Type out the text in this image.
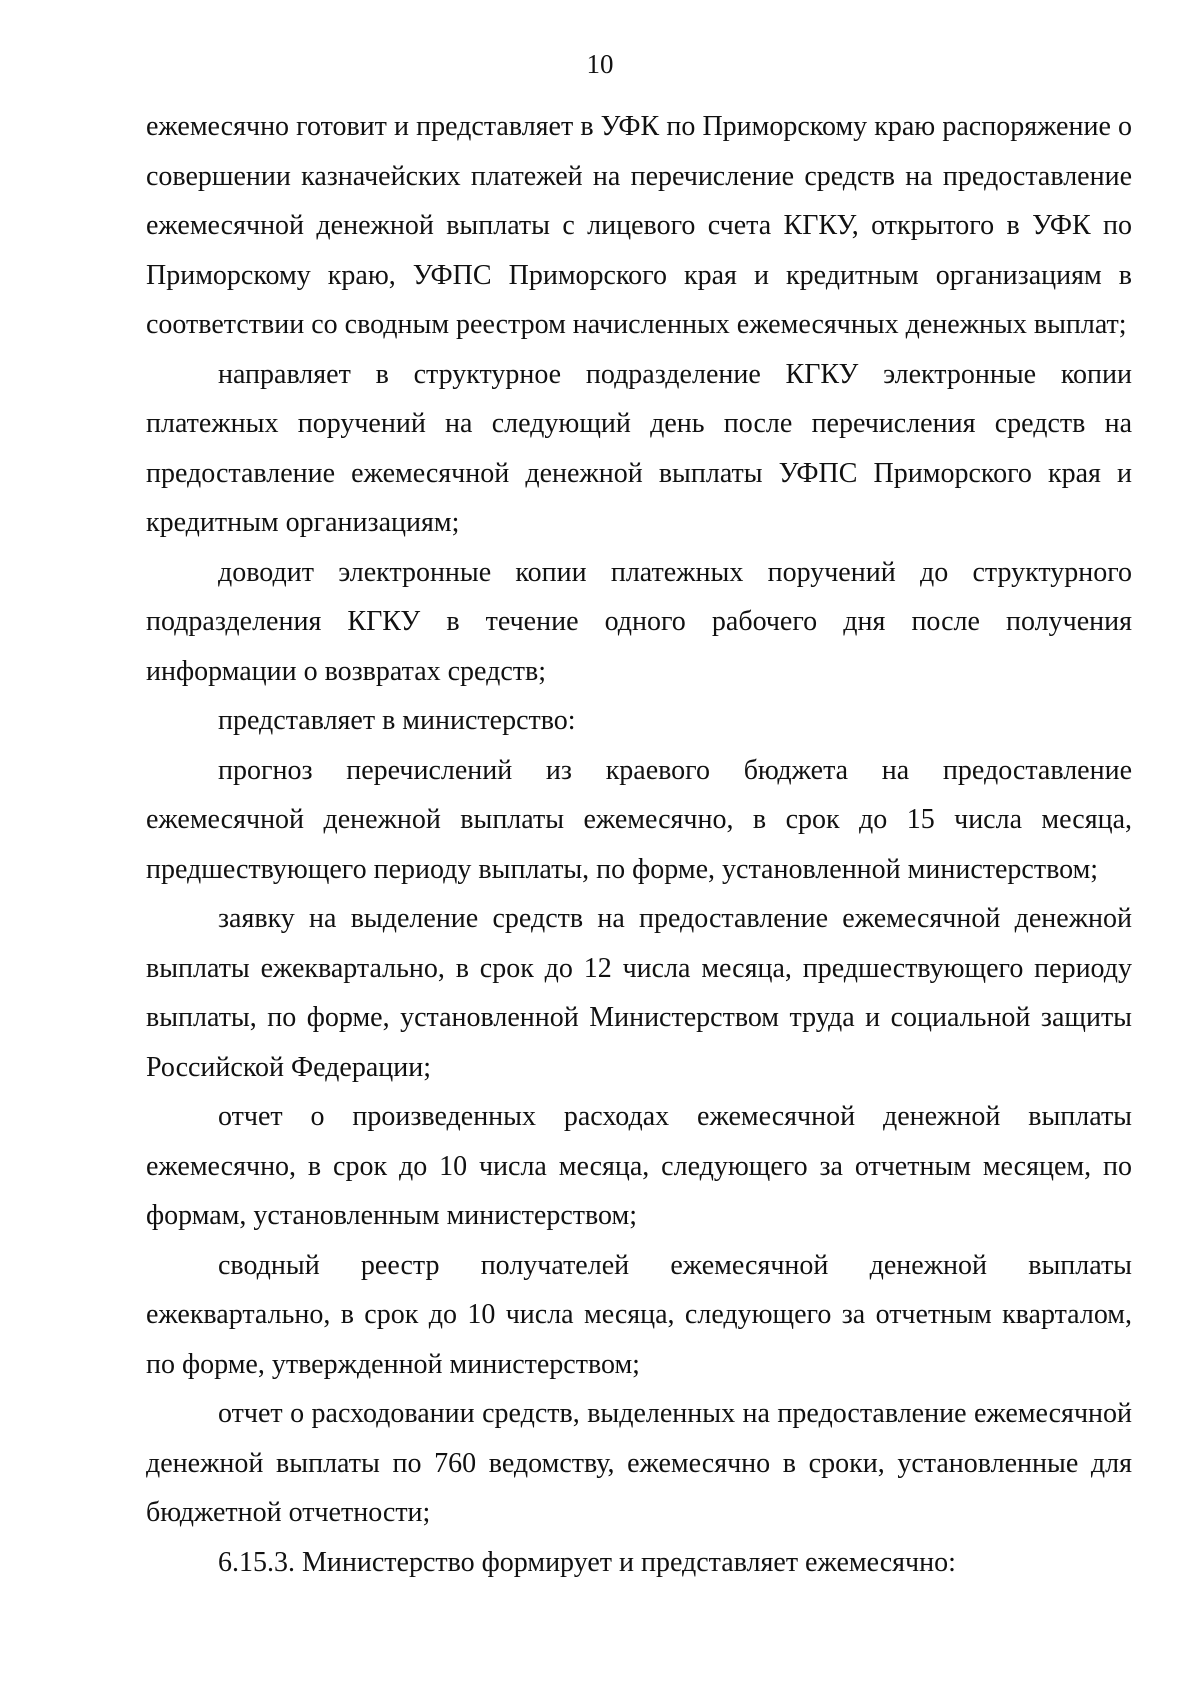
10

ежемесячно готовит и представляет в УФК по Приморскому краю распоряжение о совершении казначейских платежей на перечисление средств на предоставление ежемесячной денежной выплаты с лицевого счета КГКУ, открытого в УФК по Приморскому краю, УФПС Приморского края и кредитным организациям в соответствии со сводным реестром начисленных ежемесячных денежных выплат;

направляет в структурное подразделение КГКУ электронные копии платежных поручений на следующий день после перечисления средств на предоставление ежемесячной денежной выплаты УФПС Приморского края и кредитным организациям;

доводит электронные копии платежных поручений до структурного подразделения КГКУ в течение одного рабочего дня после получения информации о возвратах средств;

представляет в министерство:

прогноз перечислений из краевого бюджета на предоставление ежемесячной денежной выплаты ежемесячно, в срок до 15 числа месяца, предшествующего периоду выплаты, по форме, установленной министерством;

заявку на выделение средств на предоставление ежемесячной денежной выплаты ежеквартально, в срок до 12 числа месяца, предшествующего периоду выплаты, по форме, установленной Министерством труда и социальной защиты Российской Федерации;

отчет о произведенных расходах ежемесячной денежной выплаты ежемесячно, в срок до 10 числа месяца, следующего за отчетным месяцем, по формам, установленным министерством;

сводный реестр получателей ежемесячной денежной выплаты ежеквартально, в срок до 10 числа месяца, следующего за отчетным кварталом, по форме, утвержденной министерством;

отчет о расходовании средств, выделенных на предоставление ежемесячной денежной выплаты по 760 ведомству, ежемесячно в сроки, установленные для бюджетной отчетности;

6.15.3. Министерство формирует и представляет ежемесячно:
